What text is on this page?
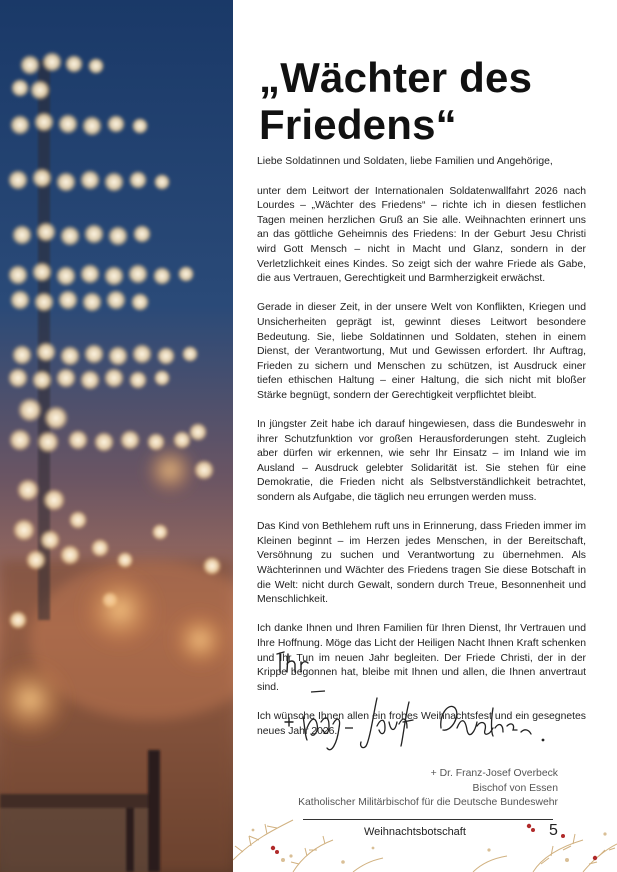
„Wächter des Friedens“

Liebe Soldatinnen und Soldaten, liebe Familien und Angehörige,

unter dem Leitwort der Internationalen Soldatenwallfahrt 2026 nach Lourdes – „Wächter des Friedens“ – richte ich in diesen festlichen Tagen meinen herzlichen Gruß an Sie alle. Weihnachten erinnert uns an das göttliche Geheimnis des Friedens: In der Geburt Jesu Christi wird Gott Mensch – nicht in Macht und Glanz, sondern in der Verletzlichkeit eines Kindes. So zeigt sich der wahre Friede als Gabe, die aus Vertrauen, Gerechtigkeit und Barmherzigkeit erwächst.

Gerade in dieser Zeit, in der unsere Welt von Konflikten, Kriegen und Unsicherheiten geprägt ist, gewinnt dieses Leitwort besondere Bedeutung. Sie, liebe Soldatinnen und Soldaten, stehen in einem Dienst, der Verantwortung, Mut und Gewissen erfordert. Ihr Auftrag, Frieden zu sichern und Menschen zu schützen, ist Ausdruck einer tiefen ethischen Haltung – einer Haltung, die sich nicht mit bloßer Stärke begnügt, sondern der Gerechtigkeit verpflichtet bleibt.

In jüngster Zeit habe ich darauf hingewiesen, dass die Bundeswehr in ihrer Schutzfunktion vor großen Herausforderungen steht. Zugleich aber dürfen wir erkennen, wie sehr Ihr Einsatz – im Inland wie im Ausland – Ausdruck gelebter Solidarität ist. Sie stehen für eine Demokratie, die Frieden nicht als Selbstverständlichkeit betrachtet, sondern als Aufgabe, die täglich neu errungen werden muss.

Das Kind von Bethlehem ruft uns in Erinnerung, dass Frieden immer im Kleinen beginnt – im Herzen jedes Menschen, in der Bereitschaft, Versöhnung zu suchen und Verantwortung zu übernehmen. Als Wächterinnen und Wächter des Friedens tragen Sie diese Botschaft in die Welt: nicht durch Gewalt, sondern durch Treue, Besonnenheit und Menschlichkeit.

Ich danke Ihnen und Ihren Familien für Ihren Dienst, Ihr Vertrauen und Ihre Hoffnung. Möge das Licht der Heiligen Nacht Ihnen Kraft schenken und Ihr Tun im neuen Jahr begleiten. Der Friede Christi, der in der Krippe begonnen hat, bleibe mit Ihnen und allen, die Ihnen anvertraut sind.

Ich wünsche Ihnen allen ein frohes Weihnachtsfest und ein gesegnetes neues Jahr 2026.

+ Dr. Franz-Josef Overbeck
Bischof von Essen
Katholischer Militärbischof für die Deutsche Bundeswehr
Weihnachtsbotschaft	5
